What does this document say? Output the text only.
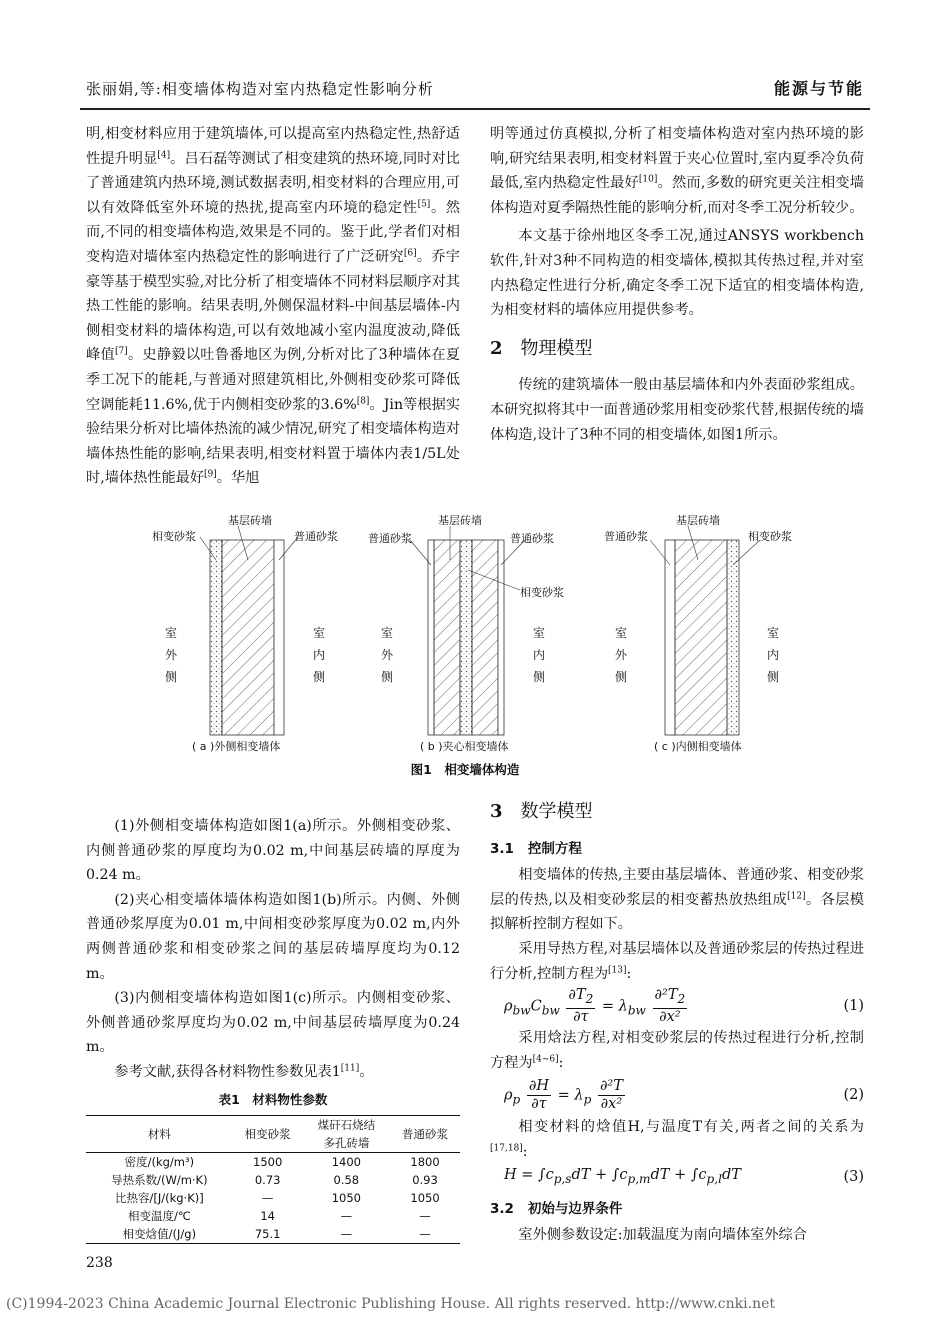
张丽娟,等:相变墙体构造对室内热稳定性影响分析	能源与节能

明,相变材料应用于建筑墙体,可以提高室内热稳定性,热舒适性提升明显[4]。吕石磊等测试了相变建筑的热环境,同时对比了普通建筑内热环境,测试数据表明,相变材料的合理应用,可以有效降低室外环境的热扰,提高室内环境的稳定性[5]。然而,不同的相变墙体构造,效果是不同的。鉴于此,学者们对相变构造对墙体室内热稳定性的影响进行了广泛研究[6]。乔宇豪等基于模型实验,对比分析了相变墙体不同材料层顺序对其热工性能的影响。结果表明,外侧保温材料-中间基层墙体-内侧相变材料的墙体构造,可以有效地减小室内温度波动,降低峰值[7]。史静毅以吐鲁番地区为例,分析对比了3种墙体在夏季工况下的能耗,与普通对照建筑相比,外侧相变砂浆可降低空调能耗11.6%,优于内侧相变砂浆的3.6%[8]。Jin等根据实验结果分析对比墙体热流的减少情况,研究了相变墙体构造对墙体热性能的影响,结果表明,相变材料置于墙体内表1/5L处时,墙体热性能最好[9]。华旭

明等通过仿真模拟,分析了相变墙体构造对室内热环境的影响,研究结果表明,相变材料置于夹心位置时,室内夏季冷负荷最低,室内热稳定性最好[10]。然而,多数的研究更关注相变墙体构造对夏季隔热性能的影响分析,而对冬季工况分析较少。

本文基于徐州地区冬季工况,通过ANSYS workbench软件,针对3种不同构造的相变墙体,模拟其传热过程,并对室内热稳定性进行分析,确定冬季工况下适宜的相变墙体构造,为相变材料的墙体应用提供参考。

2 物理模型

传统的建筑墙体一般由基层墙体和内外表面砂浆组成。本研究拟将其中一面普通砂浆用相变砂浆代替,根据传统的墙体构造,设计了3种不同的相变墙体,如图1所示。

基层砖墙
相变砂浆	普通砂浆
室
外
侧
室
内
侧
( a )外侧相变墙体
基层砖墙
普通砂浆	普通砂浆
相变砂浆
室
外
侧
室
内
侧
( b )夹心相变墙体
基层砖墙
普通砂浆	相变砂浆
室
外
侧
室
内
侧
( c )内侧相变墙体
图1　相变墙体构造

(1)外侧相变墙体构造如图1(a)所示。外侧相变砂浆、内侧普通砂浆的厚度均为0.02 m,中间基层砖墙的厚度为0.24 m。

(2)夹心相变墙体墙体构造如图1(b)所示。内侧、外侧普通砂浆厚度为0.01 m,中间相变砂浆厚度为0.02 m,内外两侧普通砂浆和相变砂浆之间的基层砖墙厚度均为0.12 m。

(3)内侧相变墙体构造如图1(c)所示。内侧相变砂浆、外侧普通砂浆厚度均为0.02 m,中间基层砖墙厚度为0.24 m。

参考文献,获得各材料物性参数见表1[11]。

表1　材料物性参数
材料	相变砂浆	煤矸石烧结
多孔砖墙	普通砂浆
密度/(kg/m³)	1500	1400	1800
导热系数/(W/m·K)	0.73	0.58	0.93
比热容/[J/(kg·K)]	—	1050	1050
相变温度/℃	14	—	—
相变焓值/(J/g)	75.1	—	—
3 数学模型
3.1 控制方程

相变墙体的传热,主要由基层墙体、普通砂浆、相变砂浆层的传热,以及相变砂浆层的相变蓄热放热组成[12]。各层模拟解析控制方程如下。

采用导热方程,对基层墙体以及普通砂浆层的传热过程进行分析,控制方程为[13]:

$\rho_{bw}C_{bw} \frac{\partial T_2}{\partial\tau} = \lambda_{bw} \frac{\partial^2T_2}{\text{∂x²}}$	(1)

采用焓法方程,对相变砂浆层的传热过程进行分析,控制方程为[4~6]:

$\rho_p \frac{\partial H}{\partial\tau} = \lambda_p \frac{\text{∂²T}}{\text{∂x²}}$	(2)

相变材料的焓值H,与温度T有关,两者之间的关系为[17,18]:

$H = \int c_{p,s}dT + \int c_{p,m}dT + \int c_{p,l}dT$	(3)
3.2 初始与边界条件

室外侧参数设定:加载温度为南向墙体室外综合

238
(C)1994-2023 China Academic Journal Electronic Publishing House. All rights reserved. http://www.cnki.net
